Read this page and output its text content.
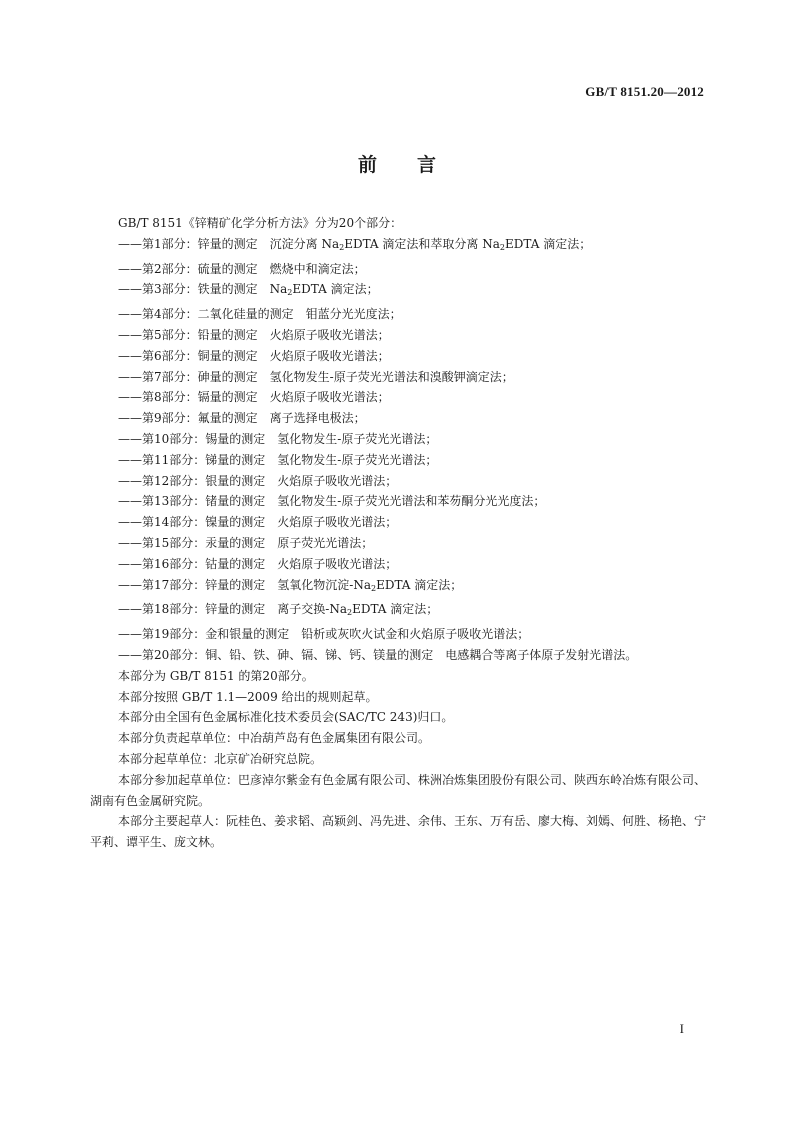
GB/T 8151.20—2012
前言

GB/T 8151《锌精矿化学分析方法》分为20个部分：

——第1部分：锌量的测定　沉淀分离 $Na_2EDTA$ 滴定法和萃取分离 $Na_2EDTA$ 滴定法；

——第2部分：硫量的测定　燃烧中和滴定法；

——第3部分：铁量的测定　$Na_2EDTA$ 滴定法；

——第4部分：二氧化硅量的测定　钼蓝分光光度法；

——第5部分：铅量的测定　火焰原子吸收光谱法；

——第6部分：铜量的测定　火焰原子吸收光谱法；

——第7部分：砷量的测定　氢化物发生-原子荧光光谱法和溴酸钾滴定法；

——第8部分：镉量的测定　火焰原子吸收光谱法；

——第9部分：氟量的测定　离子选择电极法；

——第10部分：锡量的测定　氢化物发生-原子荧光光谱法；

——第11部分：锑量的测定　氢化物发生-原子荧光光谱法；

——第12部分：银量的测定　火焰原子吸收光谱法；

——第13部分：锗量的测定　氢化物发生-原子荧光光谱法和苯芴酮分光光度法；

——第14部分：镍量的测定　火焰原子吸收光谱法；

——第15部分：汞量的测定　原子荧光光谱法；

——第16部分：钴量的测定　火焰原子吸收光谱法；

——第17部分：锌量的测定　氢氧化物沉淀$-Na_2EDTA$ 滴定法；

——第18部分：锌量的测定　离子交换$-Na_2EDTA$ 滴定法；

——第19部分：金和银量的测定　铅析或灰吹火试金和火焰原子吸收光谱法；

——第20部分：铜、铅、铁、砷、镉、锑、钙、镁量的测定　电感耦合等离子体原子发射光谱法。

本部分为 GB/T 8151 的第20部分。

本部分按照 GB/T 1.1—2009 给出的规则起草。

本部分由全国有色金属标准化技术委员会(SAC/TC 243)归口。

本部分负责起草单位：中冶葫芦岛有色金属集团有限公司。

本部分起草单位：北京矿冶研究总院。

本部分参加起草单位：巴彦淖尔紫金有色金属有限公司、株洲冶炼集团股份有限公司、陕西东岭冶炼有限公司、湖南有色金属研究院。

本部分主要起草人：阮桂色、姜求韬、高颖剑、冯先进、余伟、王东、万有岳、廖大梅、刘嫣、何胜、杨艳、宁平莉、谭平生、庞文林。

I
